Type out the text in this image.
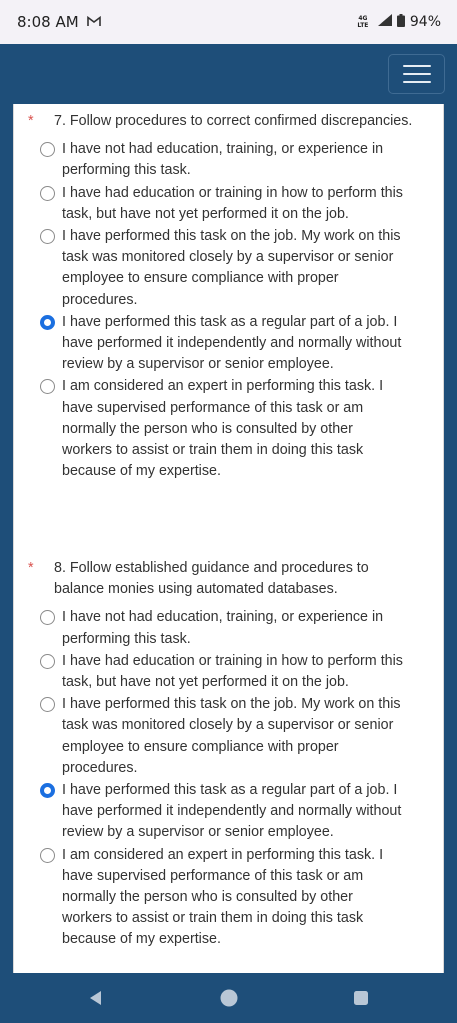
8:08 AM	4G LTE	94%
* 7. Follow procedures to correct confirmed discrepancies.
I have not had education, training, or experience in performing this task.
I have had education or training in how to perform this task, but have not yet performed it on the job.
I have performed this task on the job. My work on this task was monitored closely by a supervisor or senior employee to ensure compliance with proper procedures.
I have performed this task as a regular part of a job. I have performed it independently and normally without review by a supervisor or senior employee.
I am considered an expert in performing this task. I have supervised performance of this task or am normally the person who is consulted by other workers to assist or train them in doing this task because of my expertise.
* 8. Follow established guidance and procedures to balance monies using automated databases.
I have not had education, training, or experience in performing this task.
I have had education or training in how to perform this task, but have not yet performed it on the job.
I have performed this task on the job. My work on this task was monitored closely by a supervisor or senior employee to ensure compliance with proper procedures.
I have performed this task as a regular part of a job. I have performed it independently and normally without review by a supervisor or senior employee.
I am considered an expert in performing this task. I have supervised performance of this task or am normally the person who is consulted by other workers to assist or train them in doing this task because of my expertise.
